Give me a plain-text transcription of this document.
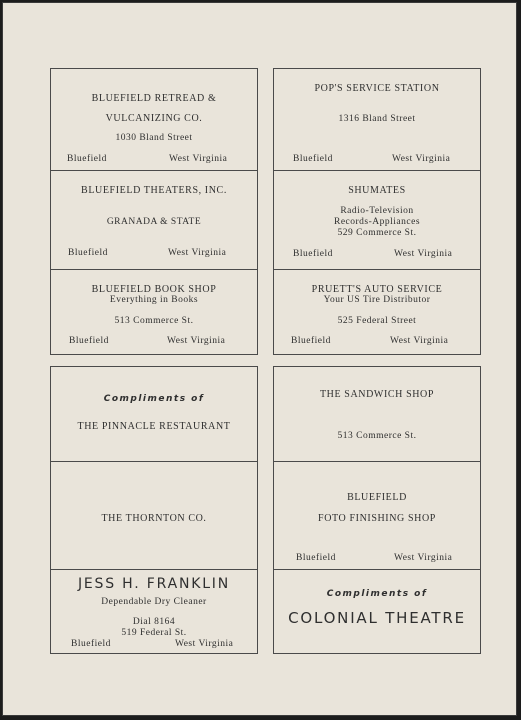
BLUEFIELD RETREAD &
VULCANIZING CO.
1030 Bland Street
Bluefield	West Virginia
BLUEFIELD THEATERS, INC.
GRANADA & STATE
Bluefield	West Virginia
BLUEFIELD BOOK SHOP
Everything in Books
513 Commerce St.
Bluefield	West Virginia
Compliments of
THE PINNACLE RESTAURANT
THE THORNTON CO.
JESS H. FRANKLIN
Dependable Dry Cleaner
Dial 8164
519 Federal St.
Bluefield	West Virginia
POP'S SERVICE STATION
1316 Bland Street
Bluefield	West Virginia
SHUMATES
Radio-Television
Records-Appliances
529 Commerce St.
Bluefield	West Virginia
PRUETT'S AUTO SERVICE
Your US Tire Distributor
525 Federal Street
Bluefield	West Virginia
THE SANDWICH SHOP
513 Commerce St.
BLUEFIELD
FOTO FINISHING SHOP
Bluefield	West Virginia
Compliments of
COLONIAL THEATRE
